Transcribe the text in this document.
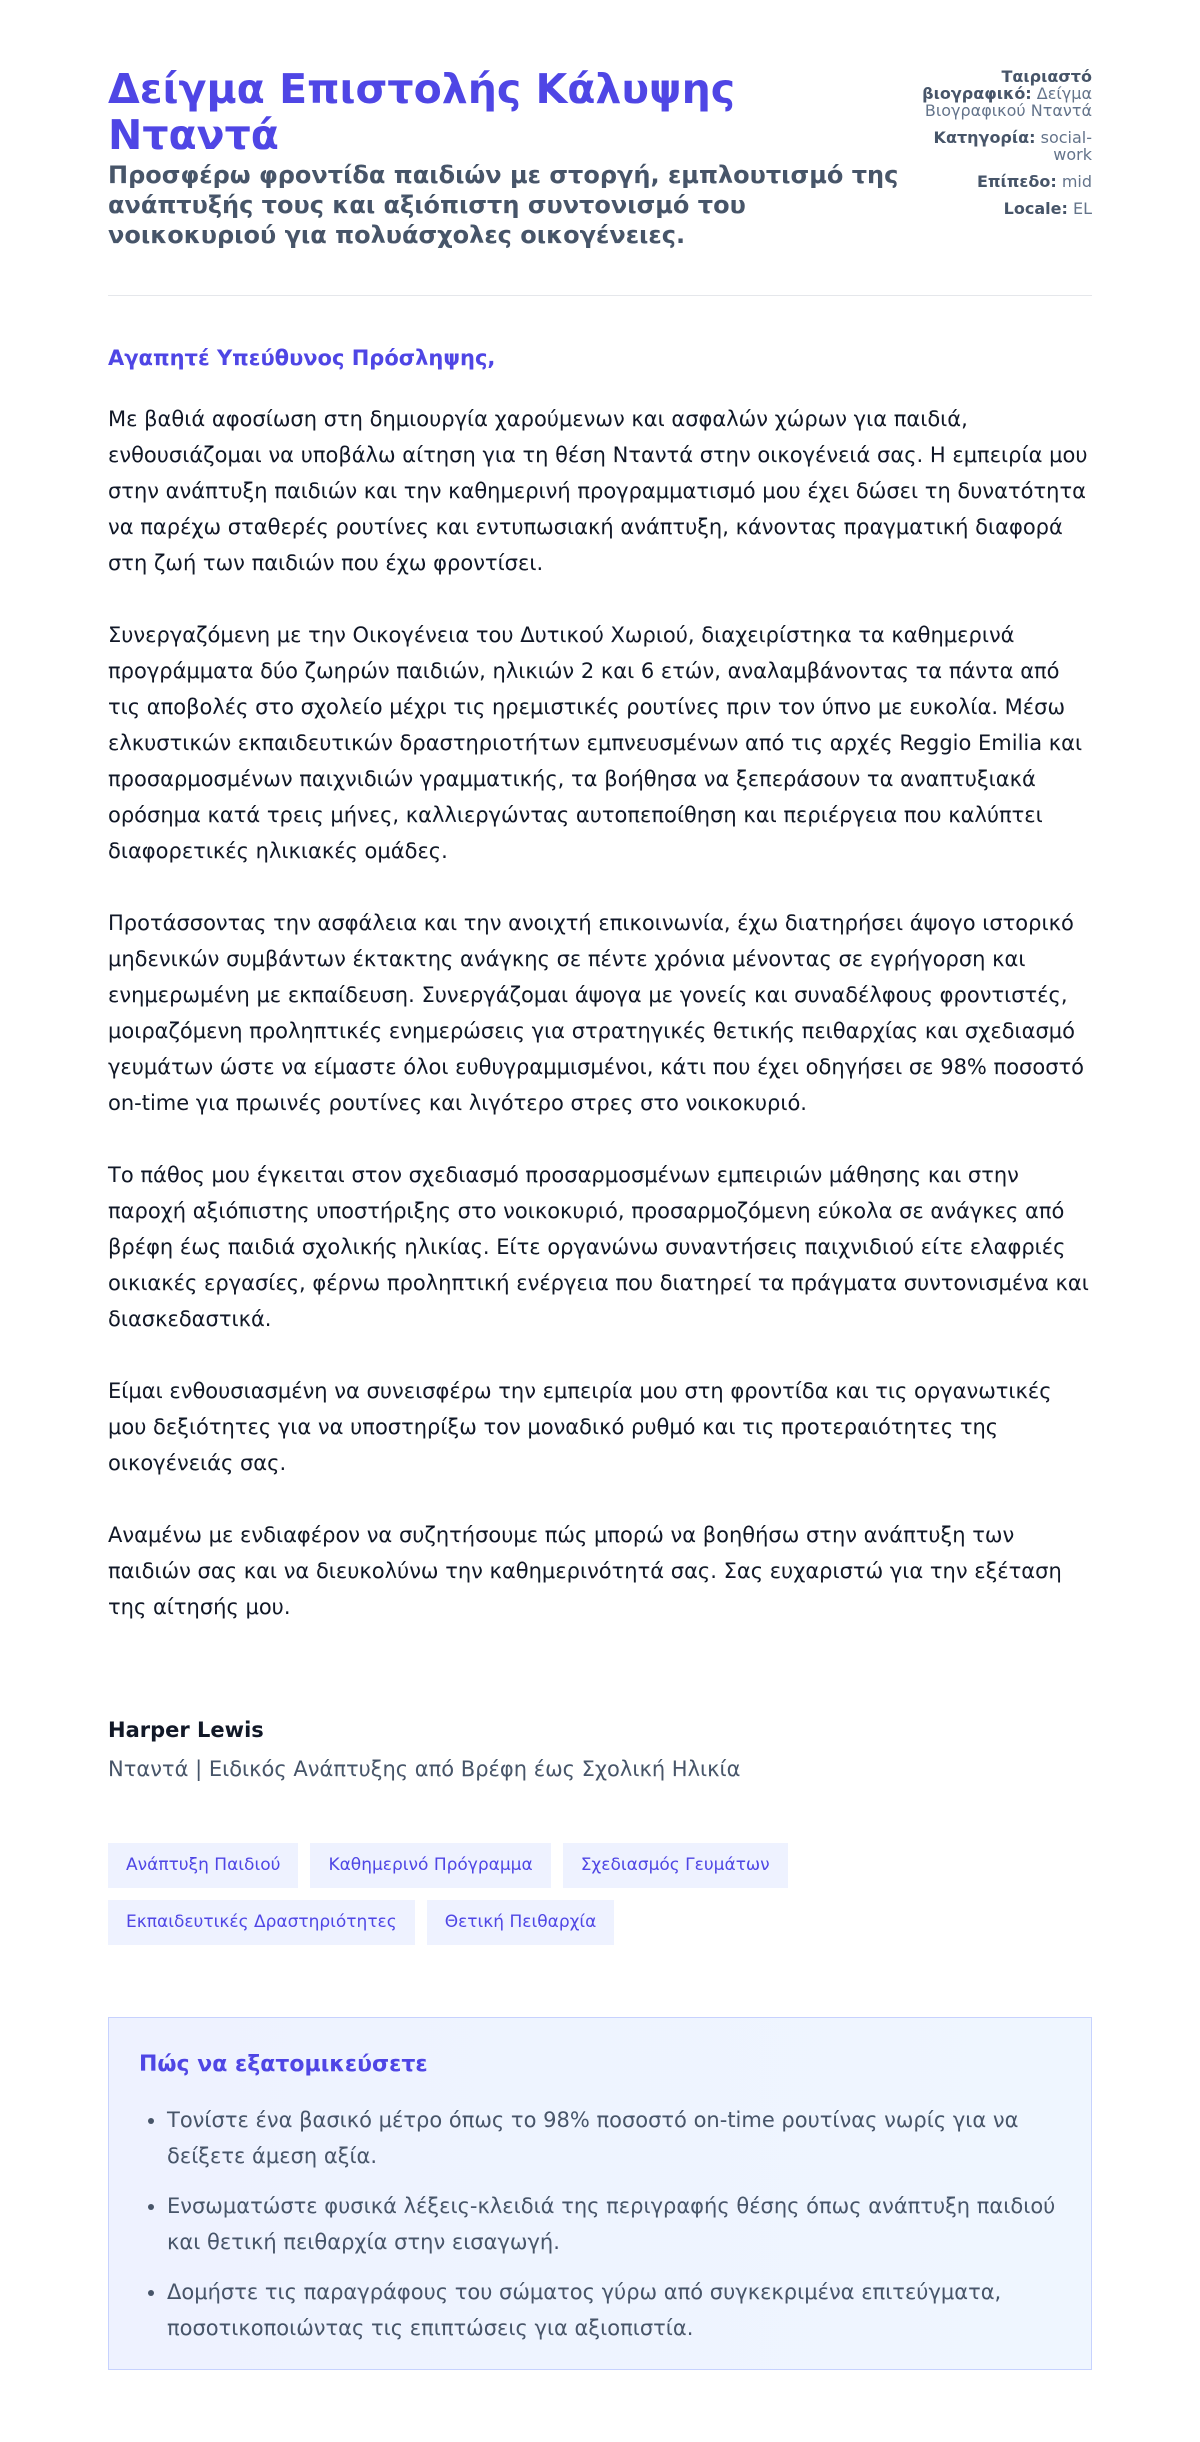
Δείγμα Επιστολής Κάλυψης Νταντά
Προσφέρω φροντίδα παιδιών με στοργή, εμπλουτισμό της ανάπτυξής τους και αξιόπιστη συντονισμό του νοικοκυριού για πολυάσχολες οικογένειες.
Ταιριαστό βιογραφικό: Δείγμα Βιογραφικού Νταντά
Κατηγορία: social-work
Επίπεδο: mid
Locale: EL
Αγαπητέ Υπεύθυνος Πρόσληψης,

Με βαθιά αφοσίωση στη δημιουργία χαρούμενων και ασφαλών χώρων για παιδιά, ενθουσιάζομαι να υποβάλω αίτηση για τη θέση Νταντά στην οικογένειά σας. Η εμπειρία μου στην ανάπτυξη παιδιών και την καθημερινή προγραμματισμό μου έχει δώσει τη δυνατότητα να παρέχω σταθερές ρουτίνες και εντυπωσιακή ανάπτυξη, κάνοντας πραγματική διαφορά στη ζωή των παιδιών που έχω φροντίσει.

Συνεργαζόμενη με την Οικογένεια του Δυτικού Χωριού, διαχειρίστηκα τα καθημερινά προγράμματα δύο ζωηρών παιδιών, ηλικιών 2 και 6 ετών, αναλαμβάνοντας τα πάντα από τις αποβολές στο σχολείο μέχρι τις ηρεμιστικές ρουτίνες πριν τον ύπνο με ευκολία. Μέσω ελκυστικών εκπαιδευτικών δραστηριοτήτων εμπνευσμένων από τις αρχές Reggio Emilia και προσαρμοσμένων παιχνιδιών γραμματικής, τα βοήθησα να ξεπεράσουν τα αναπτυξιακά ορόσημα κατά τρεις μήνες, καλλιεργώντας αυτοπεποίθηση και περιέργεια που καλύπτει διαφορετικές ηλικιακές ομάδες.

Προτάσσοντας την ασφάλεια και την ανοιχτή επικοινωνία, έχω διατηρήσει άψογο ιστορικό μηδενικών συμβάντων έκτακτης ανάγκης σε πέντε χρόνια μένοντας σε εγρήγορση και ενημερωμένη με εκπαίδευση. Συνεργάζομαι άψογα με γονείς και συναδέλφους φροντιστές, μοιραζόμενη προληπτικές ενημερώσεις για στρατηγικές θετικής πειθαρχίας και σχεδιασμό γευμάτων ώστε να είμαστε όλοι ευθυγραμμισμένοι, κάτι που έχει οδηγήσει σε 98% ποσοστό on-time για πρωινές ρουτίνες και λιγότερο στρες στο νοικοκυριό.

Το πάθος μου έγκειται στον σχεδιασμό προσαρμοσμένων εμπειριών μάθησης και στην παροχή αξιόπιστης υποστήριξης στο νοικοκυριό, προσαρμοζόμενη εύκολα σε ανάγκες από βρέφη έως παιδιά σχολικής ηλικίας. Είτε οργανώνω συναντήσεις παιχνιδιού είτε ελαφριές οικιακές εργασίες, φέρνω προληπτική ενέργεια που διατηρεί τα πράγματα συντονισμένα και διασκεδαστικά.

Είμαι ενθουσιασμένη να συνεισφέρω την εμπειρία μου στη φροντίδα και τις οργανωτικές μου δεξιότητες για να υποστηρίξω τον μοναδικό ρυθμό και τις προτεραιότητες της οικογένειάς σας.

Αναμένω με ενδιαφέρον να συζητήσουμε πώς μπορώ να βοηθήσω στην ανάπτυξη των παιδιών σας και να διευκολύνω την καθημερινότητά σας. Σας ευχαριστώ για την εξέταση της αίτησής μου.

Harper Lewis
Νταντά | Ειδικός Ανάπτυξης από Βρέφη έως Σχολική Ηλικία
Ανάπτυξη Παιδιού	Καθημερινό Πρόγραμμα	Σχεδιασμός ΓευμάτωνΕκπαιδευτικές Δραστηριότητες	Θετική Πειθαρχία
Πώς να εξατομικεύσετε
• Τονίστε ένα βασικό μέτρο όπως το 98% ποσοστό on-time ρουτίνας νωρίς για να δείξετε άμεση αξία.
• Ενσωματώστε φυσικά λέξεις-κλειδιά της περιγραφής θέσης όπως ανάπτυξη παιδιού και θετική πειθαρχία στην εισαγωγή.
• Δομήστε τις παραγράφους του σώματος γύρω από συγκεκριμένα επιτεύγματα, ποσοτικοποιώντας τις επιπτώσεις για αξιοπιστία.
